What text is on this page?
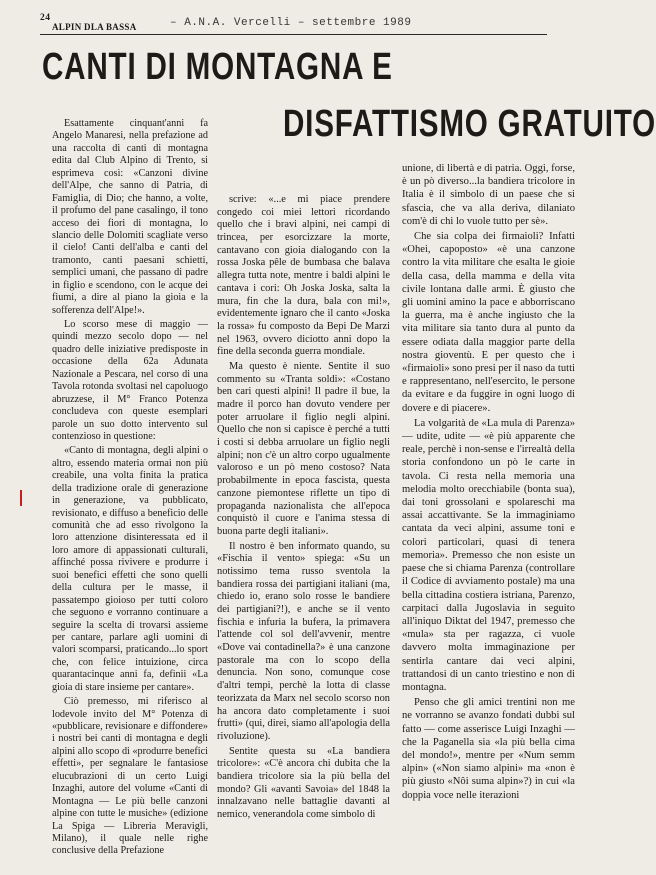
24
ALPIN DLA BASSA	– A.N.A. Vercelli – settembre 1989
CANTI DI MONTAGNA E
DISFATTISMO GRATUITO

Esattamente cinquant'anni fa Angelo Manaresi, nella prefazione ad una raccolta di canti di montagna edita dal Club Alpino di Trento, si esprimeva così: «Canzoni divine dell'Alpe, che sanno di Patria, di Famiglia, di Dio; che hanno, a volte, il profumo del pane casalingo, il tono acceso dei fiori di montagna, lo slancio delle Dolomiti scagliate verso il cielo! Canti dell'alba e canti del tramonto, canti paesani schietti, semplici umani, che passano di padre in figlio e scendono, con le acque dei fiumi, a dire al piano la gioia e la sofferenza dell'Alpe!».

Lo scorso mese di maggio — quindi mezzo secolo dopo — nel quadro delle iniziative predisposte in occasione della 62a Adunata Nazionale a Pescara, nel corso di una Tavola rotonda svoltasi nel capoluogo abruzzese, il M° Franco Potenza concludeva con queste esemplari parole un suo dotto intervento sul contenzioso in questione:

«Canto di montagna, degli alpini o altro, essendo materia ormai non più creabile, una volta finita la pratica della tradizione orale di generazione in generazione, va pubblicato, revisionato, e diffuso a beneficio delle comunità che ad esso rivolgono la loro attenzione disinteressata ed il loro amore di appassionati culturali, affinché possa rivivere e produrre i suoi benefici effetti che sono quelli della cultura per le masse, il passatempo gioioso per tutti coloro che seguono e vorranno continuare a seguire la scelta di trovarsi assieme per cantare, parlare agli uomini di valori scomparsi, praticando...lo sport che, con felice intuizione, circa quarantacinque anni fa, definii «La gioia di stare insieme per cantare».

Ciò premesso, mi riferisco al lodevole invito del M° Potenza di «pubblicare, revisionare e diffondere» i nostri bei canti di montagna e degli alpini allo scopo di «produrre benefici effetti», per segnalare le fantasiose elucubrazioni di un certo Luigi Inzaghi, autore del volume «Canti di Montagna — Le più belle canzoni alpine con tutte le musiche» (edizione La Spiga — Libreria Meravigli, Milano), il quale nelle righe conclusive della Prefazione

scrive: «...e mi piace prendere congedo coi miei lettori ricordando quello che i bravi alpini, nei campi di trincea, per esorcizzare la morte, cantavano con gioia dialogando con la rossa Joska pêle de bumbasa che balava allegra tutta note, mentre i baldi alpini le cantava i cori: Oh Joska Joska, salta la mura, fin che la dura, bala con mi!», evidentemente ignaro che il canto «Joska la rossa» fu composto da Bepi De Marzi nel 1963, ovvero diciotto anni dopo la fine della seconda guerra mondiale.

Ma questo è niente. Sentite il suo commento su «Tranta soldi»: «Costano ben cari questi alpini! Il padre il bue, la madre il porco han dovuto vendere per poter arruolare il figlio negli alpini. Quello che non si capisce è perché a tutti i costi si debba arruolare un figlio negli alpini; non c'è un altro corpo ugualmente valoroso e un pò meno costoso? Nata probabilmente in epoca fascista, questa canzone piemontese riflette un tipo di propaganda nazionalista che all'epoca conquistò il cuore e l'anima stessa di buona parte degli italiani».

Il nostro è ben informato quando, su «Fischia il vento» spiega: «Su un notissimo tema russo sventola la bandiera rossa dei partigiani italiani (ma, chiedo io, erano solo rosse le bandiere dei partigiani?!), e anche se il vento fischia e infuria la bufera, la primavera l'attende col sol dell'avvenir, mentre «Dove vai contadinella?» è una canzone pastorale ma con lo scopo della denuncia. Non sono, comunque cose d'altri tempi, perchè la lotta di classe teorizzata da Marx nel secolo scorso non ha ancora dato completamente i suoi frutti» (qui, direi, siamo all'apologia della rivoluzione).

Sentite questa su «La bandiera tricolore»: «C'è ancora chi dubita che la bandiera tricolore sia la più bella del mondo? Gli «avanti Savoia» del 1848 la innalzavano nelle battaglie davanti al nemico, venerandola come simbolo di

unione, di libertà e di patria. Oggi, forse, è un pò diverso...la bandiera tricolore in Italia è il simbolo di un paese che si sfascia, che va alla deriva, dilaniato com'è di chi lo vuole tutto per sè».

Che sia colpa dei firmaioli? Infatti «Ohei, capoposto» «è una canzone contro la vita militare che esalta le gioie della casa, della mamma e della vita civile lontana dalle armi. È giusto che gli uomini amino la pace e abborriscano la guerra, ma è anche ingiusto che la vita militare sia tanto dura al punto da essere odiata dalla maggior parte della nostra gioventù. E per questo che i «firmaioli» sono presi per il naso da tutti e rappresentano, nell'esercito, le persone da evitare e da fuggire in ogni luogo di dovere e di piacere».

La volgarità de «La mula di Parenza» — udite, udite — «è più apparente che reale, perchè i non-sense e l'irrealtà della storia confondono un pò le carte in tavola. Ci resta nella memoria una melodia molto orecchiabile (bonta sua), dai toni grossolani e spolareschi ma assai accattivante. Se la immaginiamo cantata da veci alpini, assume toni e colori particolari, quasi di tenera memoria». Premesso che non esiste un paese che si chiama Parenza (controllare il Codice di avviamento postale) ma una bella cittadina costiera istriana, Parenzo, carpitaci dalla Jugoslavia in seguito all'iniquo Diktat del 1947, premesso che «mula» sta per ragazza, ci vuole davvero molta immaginazione per sentirla cantare dai veci alpini, trattandosi di un canto triestino e non di montagna.

Penso che gli amici trentini non me ne vorranno se avanzo fondati dubbi sul fatto — come asserisce Luigi Inzaghi — che la Paganella sia «la più bella cima del mondo!», mentre per «Num semm alpin» («Non siamo alpini» ma «non è più giusto «Nôi suma alpin»?) in cui «la doppia voce nelle iterazioni
